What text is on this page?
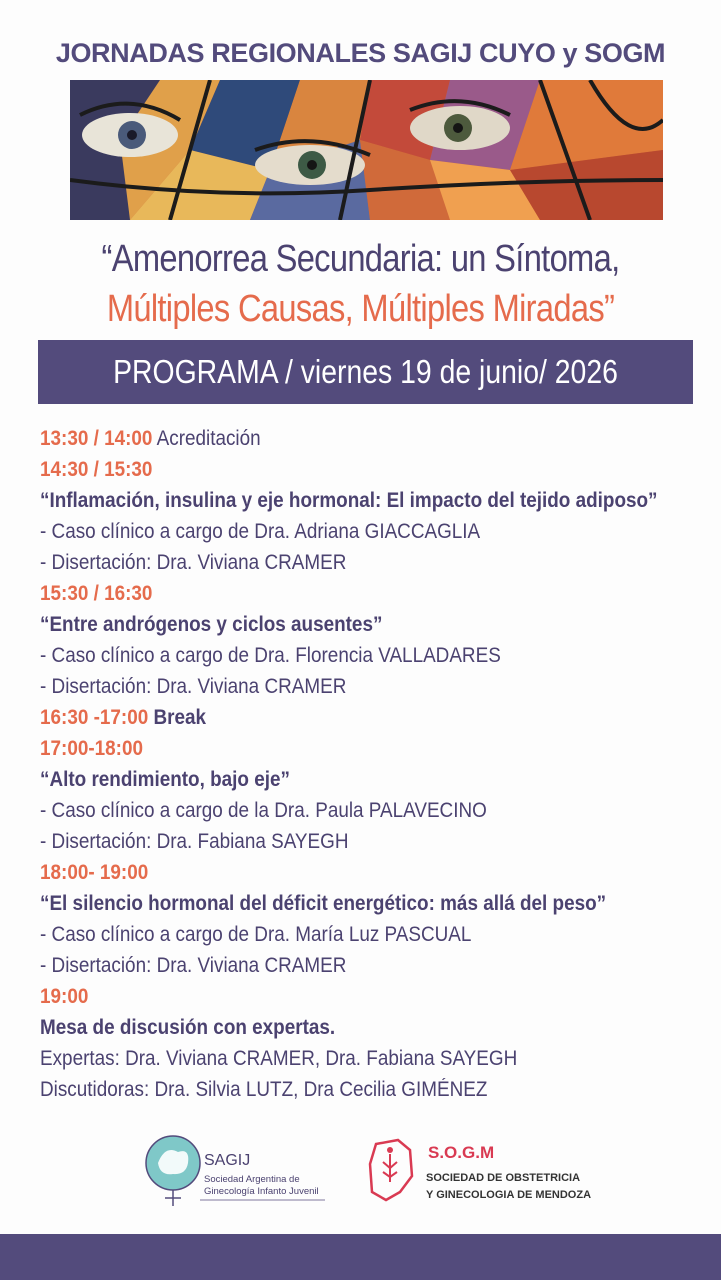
JORNADAS REGIONALES SAGIJ CUYO y SOGM
“Amenorrea Secundaria: un Síntoma,
Múltiples Causas, Múltiples Miradas”
PROGRAMA / viernes 19 de junio/ 2026
13:30 / 14:00 Acreditación
14:30 / 15:30
“Inflamación, insulina y eje hormonal: El impacto del tejido adiposo”
- Caso clínico a cargo de Dra. Adriana GIACCAGLIA
- Disertación: Dra. Viviana CRAMER
15:30 / 16:30
“Entre andrógenos y ciclos ausentes”
- Caso clínico a cargo de Dra. Florencia VALLADARES
- Disertación: Dra. Viviana CRAMER
16:30 -17:00 Break
17:00-18:00
“Alto rendimiento, bajo eje”
- Caso clínico a cargo de la Dra. Paula PALAVECINO
- Disertación: Dra. Fabiana SAYEGH
18:00- 19:00
“El silencio hormonal del déficit energético: más allá del peso”
- Caso clínico a cargo de Dra. María Luz PASCUAL
- Disertación: Dra. Viviana CRAMER
19:00
Mesa de discusión con expertas.
Expertas: Dra. Viviana CRAMER, Dra. Fabiana SAYEGH
Discutidoras: Dra. Silvia LUTZ, Dra Cecilia GIMÉNEZ
SAGIJ
Sociedad Argentina de
Ginecología Infanto Juvenil
S.O.G.M
SOCIEDAD DE OBSTETRICIA
Y GINECOLOGIA DE MENDOZA
